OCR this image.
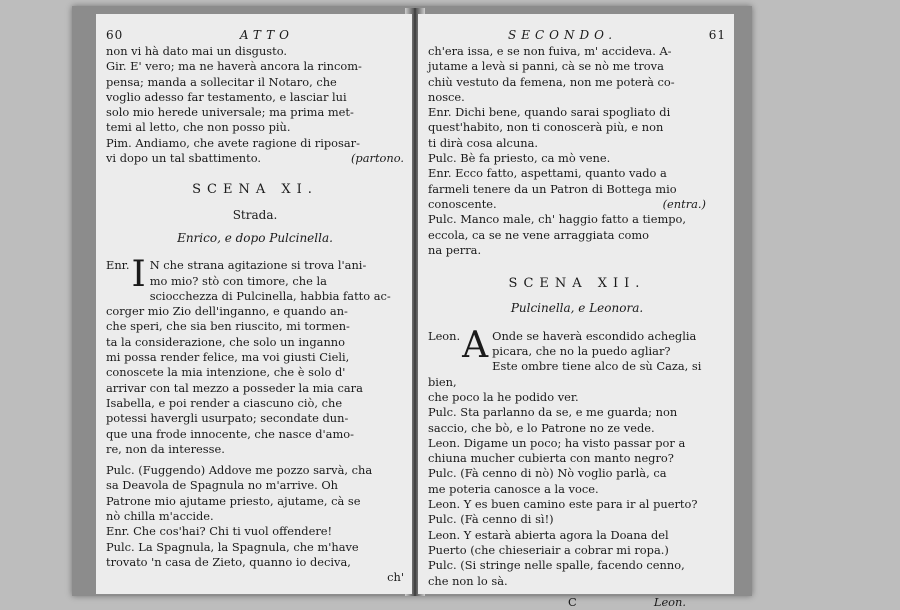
60	ATTO

non vi hà dato mai un disgusto.

Gir. E' vero; ma ne haverà ancora la rincom-

pensa; manda a sollecitar il Notaro, che

voglio adesso far testamento, e lasciar lui

solo mio herede universale; ma prima met-

temi al letto, che non posso più.

Pim. Andiamo, che avete ragione di riposar-

vi dopo un tal sbattimento.	(partono.

SCENA XI.
Strada.
Enrico, e dopo Pulcinella.
Enr. I N che strana agitazione si trova l'ani-

mo mio? stò con timore, che la

sciocchezza di Pulcinella, habbia fatto ac-

corger mio Zio dell'inganno, e quando an-

che speri, che sia ben riuscito, mi tormen-

ta la considerazione, che solo un inganno

mi possa render felice, ma voi giusti Cieli,

conoscete la mia intenzione, che è solo d'

arrivar con tal mezzo a posseder la mia cara

Isabella, e poi render a ciascuno ciò, che

potessi havergli usurpato; secondate dun-

que una frode innocente, che nasce d'amo-

re, non da interesse.

Pulc. (Fuggendo) Addove me pozzo sarvà, cha

sa Deavola de Spagnula no m'arrive. Oh

Patrone mio ajutame priesto, ajutame, cà se

nò chilla m'accide.

Enr. Che cos'hai? Chi ti vuol offendere!

Pulc. La Spagnula, la Spagnula, che m'have

trovato 'n casa de Zieto, quanno io deciva,

ch'

SECONDO.	61

ch'era issa, e se non fuiva, m' accideva. A-

jutame a levà si panni, cà se nò me trova

chiù vestuto da femena, non me poterà co-

nosce.

Enr. Dichi bene, quando sarai spogliato di

quest'habito, non ti conoscerà più, e non

ti dirà cosa alcuna.

Pulc. Bè fa priesto, ca mò vene.

Enr. Ecco fatto, aspettami, quanto vado a

farmeli tenere da un Patron di Bottega mio

conoscente.	(entra.)

Pulc. Manco male, ch' haggio fatto a tiempo,

eccola, ca se ne vene arraggiata como

na perra.

SCENA XII.
Pulcinella, e Leonora.
Leon. A Onde se haverà escondido acheglia

picara, che no la puedo agliar?

Este ombre tiene alco de sù Caza, si bien,

che poco la he podido ver.

Pulc. Sta parlanno da se, e me guarda; non

saccio, che bò, e lo Patrone no ze vede.

Leon. Digame un poco; ha visto passar por a

chiuna mucher cubierta con manto negro?

Pulc. (Fà cenno di nò) Nò voglio parlà, ca

me poteria canosce a la voce.

Leon. Y es buen camino este para ir al puerto?

Pulc. (Fà cenno di sì!)

Leon. Y estarà abierta agora la Doana del

Puerto (che chieseriair a cobrar mi ropa.)

Pulc. (Si stringe nelle spalle, facendo cenno,

che non lo sà.

C	Leon.
